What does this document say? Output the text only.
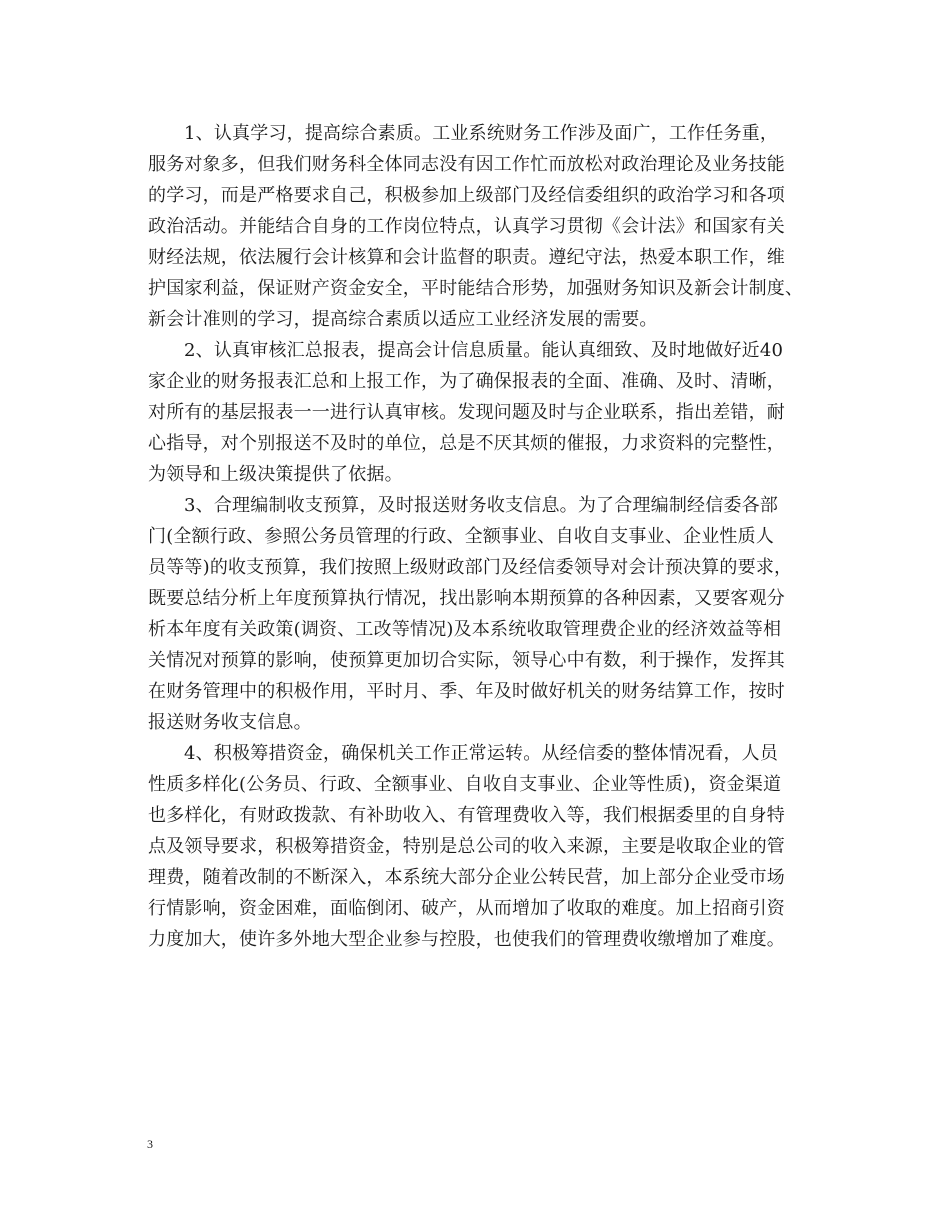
1、认真学习，提高综合素质。工业系统财务工作涉及面广，工作任务重，
服务对象多，但我们财务科全体同志没有因工作忙而放松对政治理论及业务技能
的学习，而是严格要求自己，积极参加上级部门及经信委组织的政治学习和各项
政治活动。并能结合自身的工作岗位特点，认真学习贯彻《会计法》和国家有关
财经法规，依法履行会计核算和会计监督的职责。遵纪守法，热爱本职工作，维
护国家利益，保证财产资金安全，平时能结合形势，加强财务知识及新会计制度、
新会计准则的学习，提高综合素质以适应工业经济发展的需要。
2、认真审核汇总报表，提高会计信息质量。能认真细致、及时地做好近40
家企业的财务报表汇总和上报工作，为了确保报表的全面、准确、及时、清晰，
对所有的基层报表一一进行认真审核。发现问题及时与企业联系，指出差错，耐
心指导，对个别报送不及时的单位，总是不厌其烦的催报，力求资料的完整性，
为领导和上级决策提供了依据。
3、合理编制收支预算，及时报送财务收支信息。为了合理编制经信委各部
门(全额行政、参照公务员管理的行政、全额事业、自收自支事业、企业性质人
员等等)的收支预算，我们按照上级财政部门及经信委领导对会计预决算的要求，
既要总结分析上年度预算执行情况，找出影响本期预算的各种因素，又要客观分
析本年度有关政策(调资、工改等情况)及本系统收取管理费企业的经济效益等相
关情况对预算的影响，使预算更加切合实际，领导心中有数，利于操作，发挥其
在财务管理中的积极作用，平时月、季、年及时做好机关的财务结算工作，按时
报送财务收支信息。
4、积极筹措资金，确保机关工作正常运转。从经信委的整体情况看，人员
性质多样化(公务员、行政、全额事业、自收自支事业、企业等性质)，资金渠道
也多样化，有财政拨款、有补助收入、有管理费收入等，我们根据委里的自身特
点及领导要求，积极筹措资金，特别是总公司的收入来源，主要是收取企业的管
理费，随着改制的不断深入，本系统大部分企业公转民营，加上部分企业受市场
行情影响，资金困难，面临倒闭、破产，从而增加了收取的难度。加上招商引资
力度加大，使许多外地大型企业参与控股，也使我们的管理费收缴增加了难度。
3
